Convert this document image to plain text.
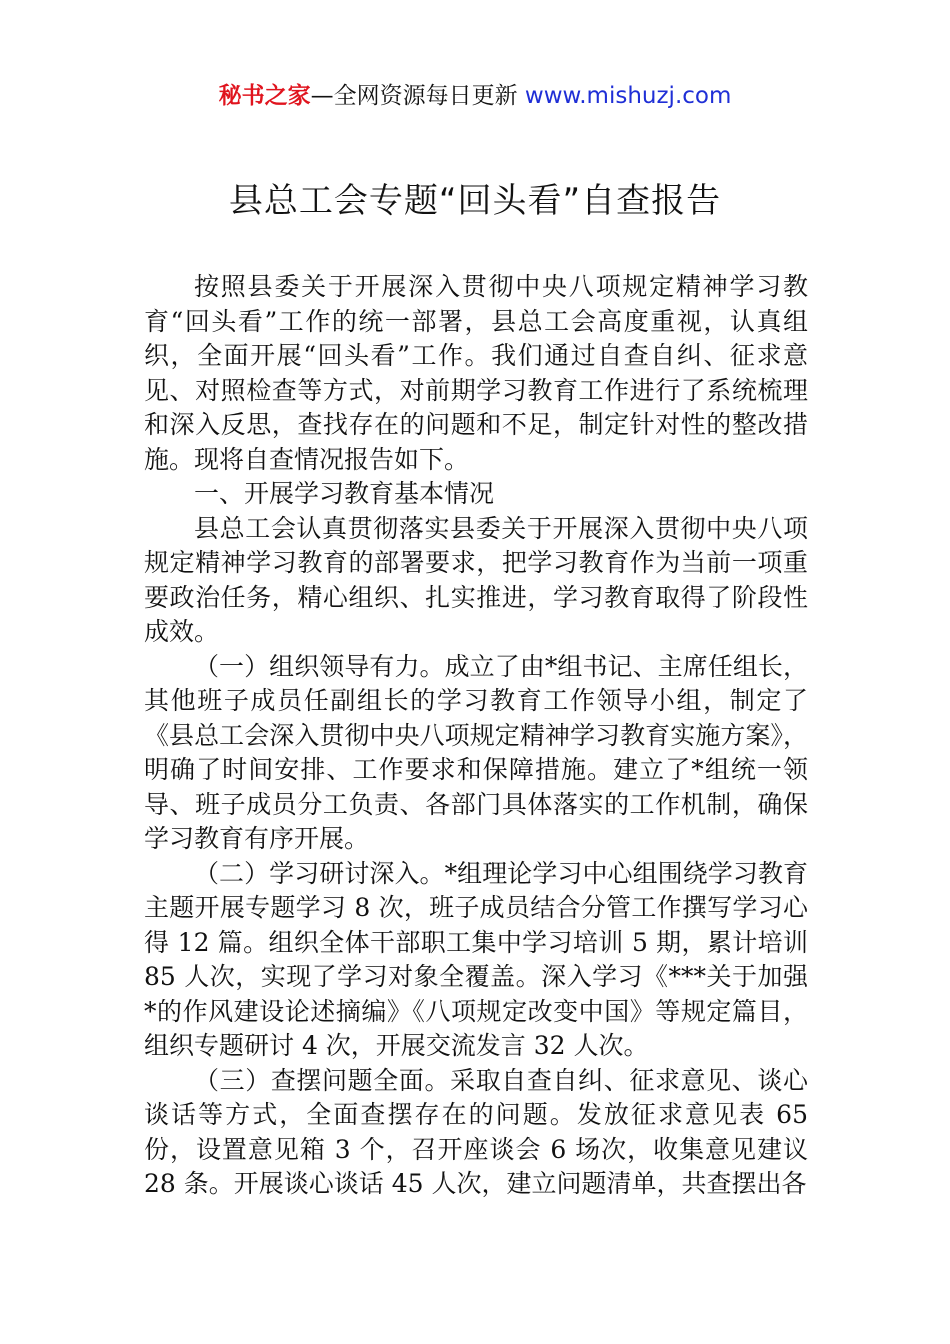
秘书之家—全网资源每日更新 www.mishuzj.com
县总工会专题“回头看”自查报告

按照县委关于开展深入贯彻中央八项规定精神学习教育“回头看”工作的统一部署，县总工会高度重视，认真组织，全面开展“回头看”工作。我们通过自查自纠、征求意见、对照检查等方式，对前期学习教育工作进行了系统梳理和深入反思，查找存在的问题和不足，制定针对性的整改措施。现将自查情况报告如下。

一、开展学习教育基本情况

县总工会认真贯彻落实县委关于开展深入贯彻中央八项规定精神学习教育的部署要求，把学习教育作为当前一项重要政治任务，精心组织、扎实推进，学习教育取得了阶段性成效。

（一）组织领导有力。成立了由*组书记、主席任组长，其他班子成员任副组长的学习教育工作领导小组，制定了《县总工会深入贯彻中央八项规定精神学习教育实施方案》，明确了时间安排、工作要求和保障措施。建立了*组统一领导、班子成员分工负责、各部门具体落实的工作机制，确保学习教育有序开展。

（二）学习研讨深入。*组理论学习中心组围绕学习教育主题开展专题学习 8 次，班子成员结合分管工作撰写学习心得 12 篇。组织全体干部职工集中学习培训 5 期，累计培训 85 人次，实现了学习对象全覆盖。深入学习《***关于加强*的作风建设论述摘编》《八项规定改变中国》等规定篇目，组织专题研讨 4 次，开展交流发言 32 人次。

（三）查摆问题全面。采取自查自纠、征求意见、谈心谈话等方式，全面查摆存在的问题。发放征求意见表 65 份，设置意见箱 3 个，召开座谈会 6 场次，收集意见建议 28 条。开展谈心谈话 45 人次，建立问题清单，共查摆出各
